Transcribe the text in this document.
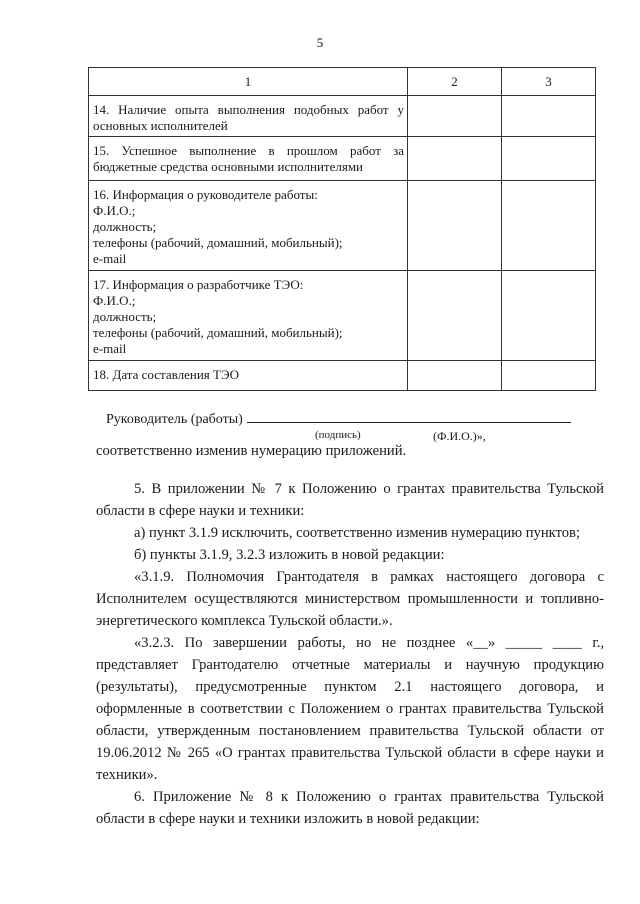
5
1	2	3

14. Наличие опыта выполнения подобных работ у
основных исполнителей		

15. Успешное выполнение в прошлом работ за
бюджетные средства основными исполнителями		

16. Информация о руководителе работы:
Ф.И.О.;
должность;
телефоны (рабочий, домашний, мобильный);
e-mail		

17. Информация о разработчике ТЭО:
Ф.И.О.;
должность;
телефоны (рабочий, домашний, мобильный);
e-mail		

18. Дата составления ТЭО		

Руководитель (работы)
(подпись)	(Ф.И.О.)»,

соответственно изменив нумерацию приложений.

5. В приложении № 7 к Положению о грантах правительства Тульской области в сфере науки и техники:

а) пункт 3.1.9 исключить, соответственно изменив нумерацию пунктов;

б) пункты 3.1.9, 3.2.3 изложить в новой редакции:

«3.1.9. Полномочия Грантодателя в рамках настоящего договора с Исполнителем осуществляются министерством промышленности и топливно-энергетического комплекса Тульской области.».

«3.2.3. По завершении работы, но не позднее «__» _____ ____ г., представляет Грантодателю отчетные материалы и научную продукцию (результаты), предусмотренные пунктом 2.1 настоящего договора, и оформленные в соответствии с Положением о грантах правительства Тульской области, утвержденным постановлением правительства Тульской области от 19.06.2012 № 265 «О грантах правительства Тульской области в сфере науки и техники».

6. Приложение № 8 к Положению о грантах правительства Тульской области в сфере науки и техники изложить в новой редакции:
